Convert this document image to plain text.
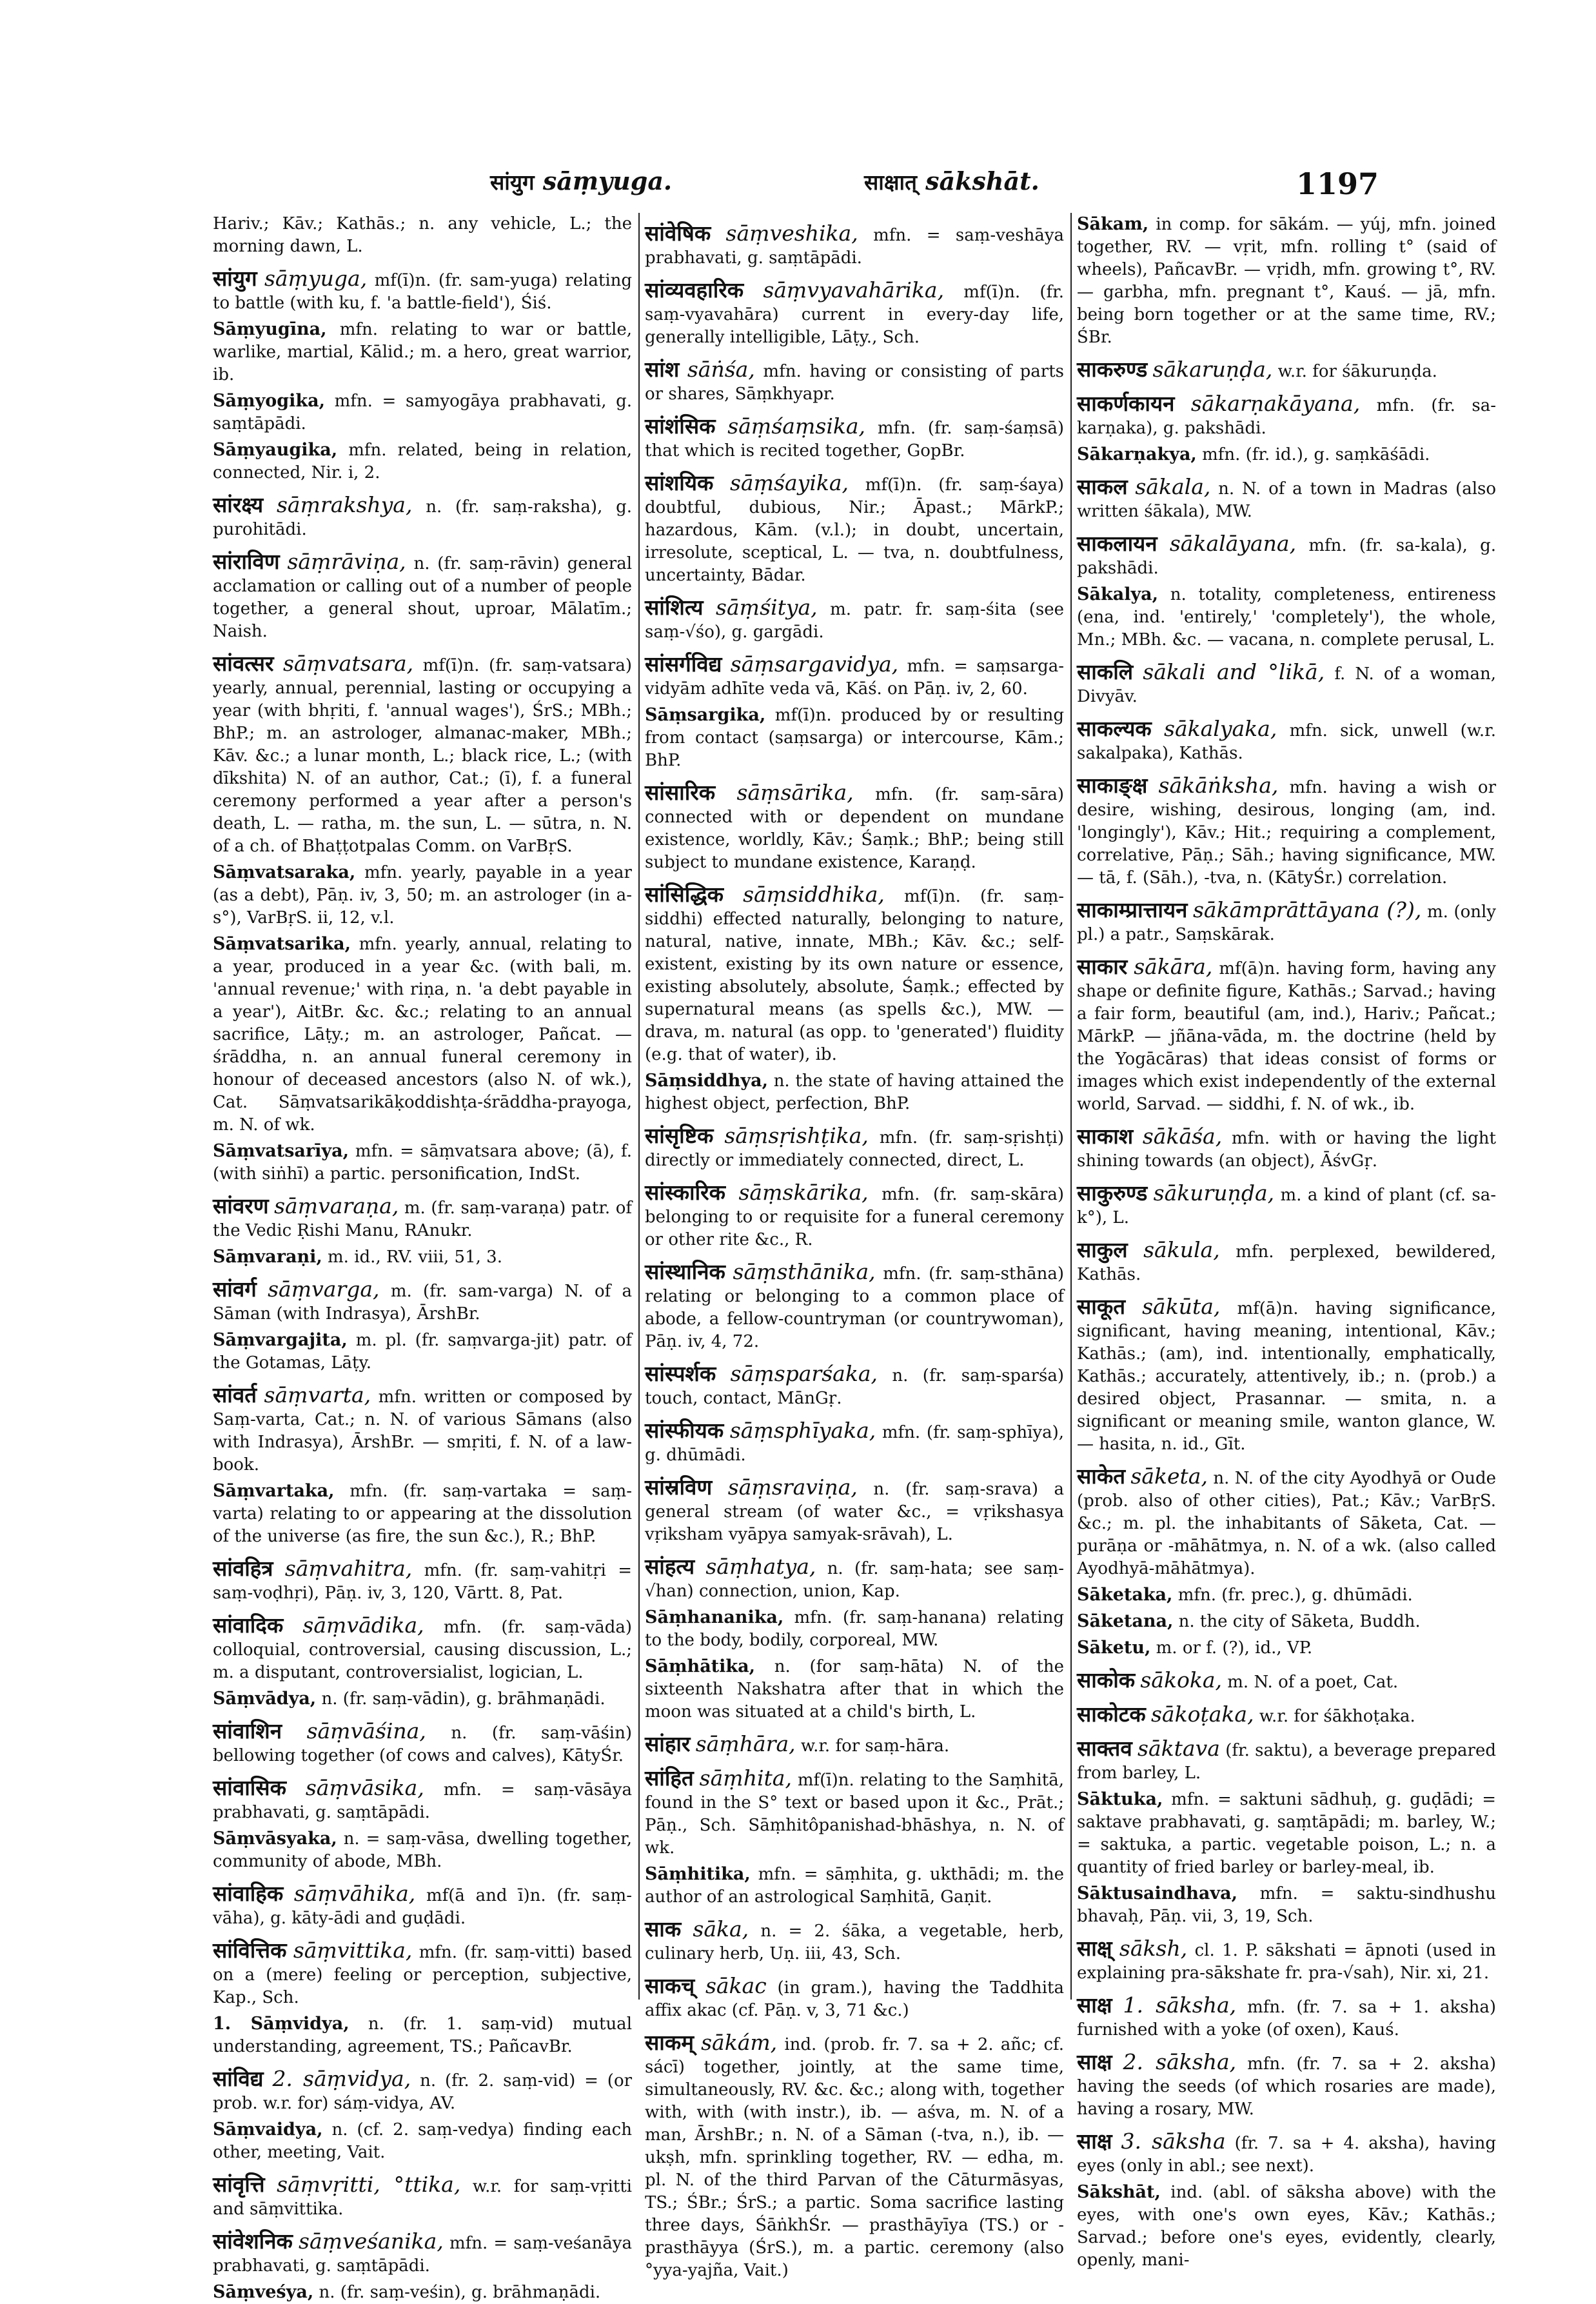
सांयुग sāṃyuga.	साक्षात् sākshāt.	1197

Hariv.; Kāv.; Kathās.; n. any vehicle, L.; the morning dawn, L.

सांयुग sāṃyuga, mf(ī)n. (fr. sam-yuga) relating to battle (with ku, f. 'a battle-field'), Śiś.

Sāṃyugīna, mfn. relating to war or battle, warlike, martial, Kālid.; m. a hero, great warrior, ib.

Sāṃyogika, mfn. = samyogāya prabhavati, g. saṃtāpādi.

Sāṃyaugika, mfn. related, being in relation, connected, Nir. i, 2.

सांरक्ष्य sāṃrakshya, n. (fr. saṃ-raksha), g. purohitādi.

सांराविण sāṃrāviṇa, n. (fr. saṃ-rāvin) general acclamation or calling out of a number of people together, a general shout, uproar, Mālatīm.; Naish.

सांवत्सर sāṃvatsara, mf(ī)n. (fr. saṃ-vatsara) yearly, annual, perennial, lasting or occupying a year (with bhṛiti, f. 'annual wages'), ŚrS.; MBh.; BhP.; m. an astrologer, almanac-maker, MBh.; Kāv. &c.; a lunar month, L.; black rice, L.; (with dīkshita) N. of an author, Cat.; (ī), f. a funeral ceremony performed a year after a person's death, L. — ratha, m. the sun, L. — sūtra, n. N. of a ch. of Bhaṭṭotpalas Comm. on VarBṛS.

Sāṃvatsaraka, mfn. yearly, payable in a year (as a debt), Pāṇ. iv, 3, 50; m. an astrologer (in a-s°), VarBṛS. ii, 12, v.l.

Sāṃvatsarika, mfn. yearly, annual, relating to a year, produced in a year &c. (with bali, m. 'annual revenue;' with riṇa, n. 'a debt payable in a year'), AitBr. &c. &c.; relating to an annual sacrifice, Lāṭy.; m. an astrologer, Pañcat. — śrāddha, n. an annual funeral ceremony in honour of deceased ancestors (also N. of wk.), Cat. Sāṃvatsarikāḳoddishṭa-śrāddha-prayoga, m. N. of wk.

Sāṃvatsarīya, mfn. = sāṃvatsara above; (ā), f. (with siṅhī) a partic. personification, IndSt.

सांवरण sāṃvaraṇa, m. (fr. saṃ-varaṇa) patr. of the Vedic Ṛishi Manu, RAnukr.

Sāṃvaraṇi, m. id., RV. viii, 51, 3.

सांवर्ग sāṃvarga, m. (fr. sam-varga) N. of a Sāman (with Indrasya), ĀrshBr.

Sāṃvargajita, m. pl. (fr. saṃvarga-jit) patr. of the Gotamas, Lāṭy.

सांवर्त sāṃvarta, mfn. written or composed by Saṃ-varta, Cat.; n. N. of various Sāmans (also with Indrasya), ĀrshBr. — smṛiti, f. N. of a law-book.

Sāṃvartaka, mfn. (fr. saṃ-vartaka = saṃ-varta) relating to or appearing at the dissolution of the universe (as fire, the sun &c.), R.; BhP.

सांवहित्र sāṃvahitra, mfn. (fr. saṃ-vahitṛi = saṃ-voḍhṛi), Pāṇ. iv, 3, 120, Vārtt. 8, Pat.

सांवादिक sāṃvādika, mfn. (fr. saṃ-vāda) colloquial, controversial, causing discussion, L.; m. a disputant, controversialist, logician, L.

Sāṃvādya, n. (fr. saṃ-vādin), g. brāhmaṇādi.

सांवाशिन sāṃvāśina, n. (fr. saṃ-vāśin) bellowing together (of cows and calves), KātyŚr.

सांवासिक sāṃvāsika, mfn. = saṃ-vāsāya prabhavati, g. saṃtāpādi.

Sāṃvāsyaka, n. = saṃ-vāsa, dwelling together, community of abode, MBh.

सांवाहिक sāṃvāhika, mf(ā and ī)n. (fr. saṃ-vāha), g. kāty-ādi and guḍādi.

सांवित्तिक sāṃvittika, mfn. (fr. saṃ-vitti) based on a (mere) feeling or perception, subjective, Kap., Sch.

1. Sāṃvidya, n. (fr. 1. saṃ-vid) mutual understanding, agreement, TS.; PañcavBr.

सांविद्य 2. sāṃvidya, n. (fr. 2. saṃ-vid) = (or prob. w.r. for) sáṃ-vidya, AV.

Sāṃvaidya, n. (cf. 2. saṃ-vedya) finding each other, meeting, Vait.

सांवृत्ति sāṃvṛitti, °ttika, w.r. for saṃ-vṛitti and sāṃvittika.

सांवेशनिक sāṃveśanika, mfn. = saṃ-veśanāya prabhavati, g. saṃtāpādi.

Sāṃveśya, n. (fr. saṃ-veśin), g. brāhmaṇādi.

सांवेषिक sāṃveshika, mfn. = saṃ-veshāya prabhavati, g. saṃtāpādi.

सांव्यवहारिक sāṃvyavahārika, mf(ī)n. (fr. saṃ-vyavahāra) current in every-day life, generally intelligible, Lāṭy., Sch.

सांश sāṅśa, mfn. having or consisting of parts or shares, Sāṃkhyapr.

सांशंसिक sāṃśaṃsika, mfn. (fr. saṃ-śaṃsā) that which is recited together, GopBr.

सांशयिक sāṃśayika, mf(ī)n. (fr. saṃ-śaya) doubtful, dubious, Nir.; Āpast.; MārkP.; hazardous, Kām. (v.l.); in doubt, uncertain, irresolute, sceptical, L. — tva, n. doubtfulness, uncertainty, Bādar.

सांशित्य sāṃśitya, m. patr. fr. saṃ-śita (see saṃ-√śo), g. gargādi.

सांसर्गविद्य sāṃsargavidya, mfn. = saṃsarga-vidyām adhīte veda vā, Kāś. on Pāṇ. iv, 2, 60.

Sāṃsargika, mf(ī)n. produced by or resulting from contact (saṃsarga) or intercourse, Kām.; BhP.

सांसारिक sāṃsārika, mfn. (fr. saṃ-sāra) connected with or dependent on mundane existence, worldly, Kāv.; Śaṃk.; BhP.; being still subject to mundane existence, Karaṇḍ.

सांसिद्धिक sāṃsiddhika, mf(ī)n. (fr. saṃ-siddhi) effected naturally, belonging to nature, natural, native, innate, MBh.; Kāv. &c.; self-existent, existing by its own nature or essence, existing absolutely, absolute, Śaṃk.; effected by supernatural means (as spells &c.), MW. — drava, m. natural (as opp. to 'generated') fluidity (e.g. that of water), ib.

Sāṃsiddhya, n. the state of having attained the highest object, perfection, BhP.

सांसृष्टिक sāṃsṛishṭika, mfn. (fr. saṃ-sṛishṭi) directly or immediately connected, direct, L.

सांस्कारिक sāṃskārika, mfn. (fr. saṃ-skāra) belonging to or requisite for a funeral ceremony or other rite &c., R.

सांस्थानिक sāṃsthānika, mfn. (fr. saṃ-sthāna) relating or belonging to a common place of abode, a fellow-countryman (or countrywoman), Pāṇ. iv, 4, 72.

सांस्पर्शक sāṃsparśaka, n. (fr. saṃ-sparśa) touch, contact, MānGṛ.

सांस्फीयक sāṃsphīyaka, mfn. (fr. saṃ-sphīya), g. dhūmādi.

सांस्रविण sāṃsraviṇa, n. (fr. saṃ-srava) a general stream (of water &c., = vṛikshasya vṛiksham vyāpya samyak-srāvah), L.

सांहत्य sāṃhatya, n. (fr. saṃ-hata; see saṃ-√han) connection, union, Kap.

Sāṃhananika, mfn. (fr. saṃ-hanana) relating to the body, bodily, corporeal, MW.

Sāṃhātika, n. (for saṃ-hāta) N. of the sixteenth Nakshatra after that in which the moon was situated at a child's birth, L.

सांहार sāṃhāra, w.r. for saṃ-hāra.

सांहित sāṃhita, mf(ī)n. relating to the Saṃhitā, found in the S° text or based upon it &c., Prāt.; Pāṇ., Sch. Sāṃhitôpanishad-bhāshya, n. N. of wk.

Sāṃhitika, mfn. = sāṃhita, g. ukthādi; m. the author of an astrological Saṃhitā, Gaṇit.

साक sāka, n. = 2. śāka, a vegetable, herb, culinary herb, Uṇ. iii, 43, Sch.

साकच् sākac (in gram.), having the Taddhita affix akac (cf. Pāṇ. v, 3, 71 &c.)

साकम् sākám, ind. (prob. fr. 7. sa + 2. añc; cf. sácī) together, jointly, at the same time, simultaneously, RV. &c. &c.; along with, together with, with (with instr.), ib. — aśva, m. N. of a man, ĀrshBr.; n. N. of a Sāman (-tva, n.), ib. — ukṣh, mfn. sprinkling together, RV. — edha, m. pl. N. of the third Parvan of the Cāturmāsyas, TS.; ŚBr.; ŚrS.; a partic. Soma sacrifice lasting three days, ŚāṅkhŚr. — prasthāyīya (TS.) or -prasthāyya (ŚrS.), m. a partic. ceremony (also °yya-yajña, Vait.)

Sākam, in comp. for sākám. — yúj, mfn. joined together, RV. — vṛit, mfn. rolling t° (said of wheels), PañcavBr. — vṛidh, mfn. growing t°, RV. — garbha, mfn. pregnant t°, Kauś. — jā, mfn. being born together or at the same time, RV.; ŚBr.

साकरुण्ड sākaruṇḍa, w.r. for śākuruṇḍa.

साकर्णकायन sākarṇakāyana, mfn. (fr. sa-karṇaka), g. pakshādi.

Sākarṇakya, mfn. (fr. id.), g. saṃkāśādi.

साकल sākala, n. N. of a town in Madras (also written śākala), MW.

साकलायन sākalāyana, mfn. (fr. sa-kala), g. pakshādi.

Sākalya, n. totality, completeness, entireness (ena, ind. 'entirely,' 'completely'), the whole, Mn.; MBh. &c. — vacana, n. complete perusal, L.

साकलि sākali and °likā, f. N. of a woman, Divyāv.

साकल्यक sākalyaka, mfn. sick, unwell (w.r. sakalpaka), Kathās.

साकाङ्क्ष sākāṅksha, mfn. having a wish or desire, wishing, desirous, longing (am, ind. 'longingly'), Kāv.; Hit.; requiring a complement, correlative, Pāṇ.; Sāh.; having significance, MW. — tā, f. (Sāh.), -tva, n. (KātyŚr.) correlation.

साकाम्प्रात्तायन sākāmprāttāyana (?), m. (only pl.) a patr., Saṃskārak.

साकार sākāra, mf(ā)n. having form, having any shape or definite figure, Kathās.; Sarvad.; having a fair form, beautiful (am, ind.), Hariv.; Pañcat.; MārkP. — jñāna-vāda, m. the doctrine (held by the Yogācāras) that ideas consist of forms or images which exist independently of the external world, Sarvad. — siddhi, f. N. of wk., ib.

साकाश sākāśa, mfn. with or having the light shining towards (an object), ĀśvGṛ.

साकुरुण्ड sākuruṇḍa, m. a kind of plant (cf. sa-k°), L.

साकुल sākula, mfn. perplexed, bewildered, Kathās.

साकूत sākūta, mf(ā)n. having significance, significant, having meaning, intentional, Kāv.; Kathās.; (am), ind. intentionally, emphatically, Kathās.; accurately, attentively, ib.; n. (prob.) a desired object, Prasannar. — smita, n. a significant or meaning smile, wanton glance, W. — hasita, n. id., Gīt.

साकेत sāketa, n. N. of the city Ayodhyā or Oude (prob. also of other cities), Pat.; Kāv.; VarBṛS. &c.; m. pl. the inhabitants of Sāketa, Cat. — purāṇa or -māhātmya, n. N. of a wk. (also called Ayodhyā-māhātmya).

Sāketaka, mfn. (fr. prec.), g. dhūmādi.

Sāketana, n. the city of Sāketa, Buddh.

Sāketu, m. or f. (?), id., VP.

साकोक sākoka, m. N. of a poet, Cat.

साकोटक sākoṭaka, w.r. for śākhoṭaka.

साक्तव sāktava (fr. saktu), a beverage prepared from barley, L.

Sāktuka, mfn. = saktuni sādhuḥ, g. guḍādi; = saktave prabhavati, g. saṃtāpādi; m. barley, W.; = saktuka, a partic. vegetable poison, L.; n. a quantity of fried barley or barley-meal, ib.

Sāktusaindhava, mfn. = saktu-sindhushu bhavaḥ, Pāṇ. vii, 3, 19, Sch.

साक्ष् sāksh, cl. 1. P. sākshati = āpnoti (used in explaining pra-sākshate fr. pra-√sah), Nir. xi, 21.

साक्ष 1. sāksha, mfn. (fr. 7. sa + 1. aksha) furnished with a yoke (of oxen), Kauś.

साक्ष 2. sāksha, mfn. (fr. 7. sa + 2. aksha) having the seeds (of which rosaries are made), having a rosary, MW.

साक्ष 3. sāksha (fr. 7. sa + 4. aksha), having eyes (only in abl.; see next).

Sākshāt, ind. (abl. of sāksha above) with the eyes, with one's own eyes, Kāv.; Kathās.; Sarvad.; before one's eyes, evidently, clearly, openly, mani-
